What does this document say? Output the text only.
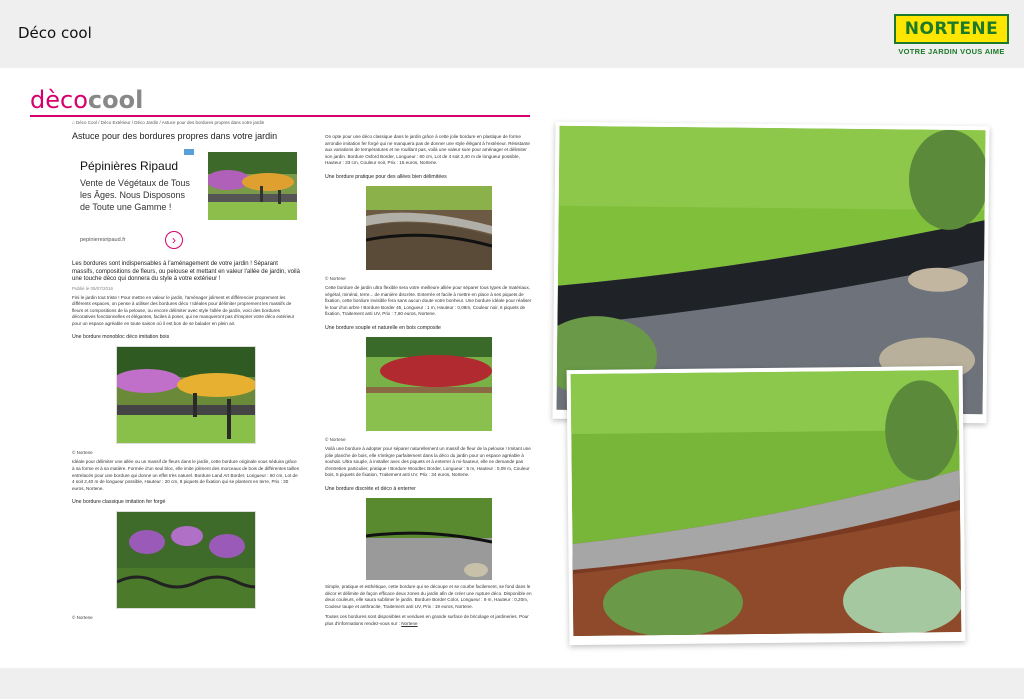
Déco cool	NORTENE
VOTRE JARDIN VOUS AIME
dècocool
⌂ Déco Cool / Déco Extérieur / Déco Jardin / Astuce pour des bordures propres dans votre jardin
Astuce pour des bordures propres dans votre jardin
Pépinières Ripaud
Vente de Végétaux de Tous les Âges. Nous Disposons de Toute une Gamme !
pepinieresripaud.fr	›
Les bordures sont indispensables à l'aménagement de votre jardin ! Séparant massifs, compositions de fleurs, ou pelouse et mettant en valeur l'allée de jardin, voilà une touche déco qui donnera du style à votre extérieur !
Publié le 05/07/2016
Fini le jardin tout triste ! Pour mettre en valeur le jardin, l'aménager joliment et différencier proprement les différents espaces, on pense à utiliser des bordures déco ! Idéales pour délimiter proprement les massifs de fleurs et compositions de la pelouse, ou encore délimiter avec style l'allée de jardin, voici des bordures décoratives fonctionnelles et élégantes, faciles à poser, qui ne manqueront pas d'inspirer votre déco extérieur pour un espace agréable en toute saison où il est bon de se balader en plein air.
Une bordure monobloc déco imitation bois
© Nortene
Idéale pour délimiter une allée ou un massif de fleurs dans le jardin, cette bordure originale vous séduira grâce à sa forme et à sa matière. Formée d'un seul bloc, elle imite joliment des morceaux de bois de différentes tailles entrelacés pour une bordure qui donne un effet très naturel. Bordure Land Art Border, Longueur : 60 cm, Lot de 4 soit 2,40 m de longueur possible, Hauteur : 20 cm, 8 piquets de fixation qui se plantent en terre, Prix : 30 euros, Nortene.
Une bordure classique imitation fer forgé
© Nortene
On opte pour une déco classique dans le jardin grâce à cette jolie bordure en plastique de forme arrondie imitation fer forgé qui ne manquera pas de donner une style élégant à l'extérieur. Résistante aux variations de températures et ne rouillant pas, voilà une valeur sure pour aménager et délimiter son jardin. Bordure Oxford Border, Longueur : 60 cm, Lot de 4 soit 2,40 m de longueur possible, Hauteur : 33 cm, Couleur noir, Prix : 15 euros, Nortene.
Une bordure pratique pour des allées bien délimitées
© Nortene
Cette bordure de jardin ultra flexible sera votre meilleure alliée pour séparer tous types de matériaux, végétal, minéral, terre... de manière discrète. Enterrée et facile à mettre en place à ses piquets de fixation, cette bordure invisible fera sans aucun doute votre bonheur. Une bordure idéale pour réaliser le tour d'un arbre ! Bordure Border 45, Longueur : 1 m, Hauteur : 0,08m, Couleur noir, 6 piquets de fixation, Traitement anti UV, Prix : 7,60 euros, Nortene.
Une bordure souple et naturelle en bois composite
© Nortene
Voilà une bordure à adopter pour séparer naturellement un massif de fleur de la pelouse ! Imitant une jolie planche de bois, elle s'intègre parfaitement dans la déco du jardin pour un espace agréable à souhait. Ultra souple, à installer avec des piquets et à enterrer à mi-hauteur, elle ne demande pas d'entretien particulier, pratique ! Bordure Woodtec Border, Longueur : 5 m, Hauteur : 0,09 m, Couleur bois, 5 piquets de fixation, Traitement anti UV, Prix : 34 euros, Nortene.
Une bordure discrète et déco à enterrer
Simple, pratique et esthétique, cette bordure qui se découpe et se courbe facilement, se fond dans le décor et délimite de façon efficace deux zones du jardin afin de créer une rupture déco. Disponible en deux couleurs, elle saura sublimer le jardin. Bordure Border Color, Longueur : 9 m, Hauteur : 0,20m, Couleur taupe et anthracite, Traitement anti UV, Prix : 19 euros, Nortene.
Toutes ces bordures sont disponibles et vendues en grande surface de bricolage et jardineries. Pour plus d'informations rendez-vous sur : Nortene
